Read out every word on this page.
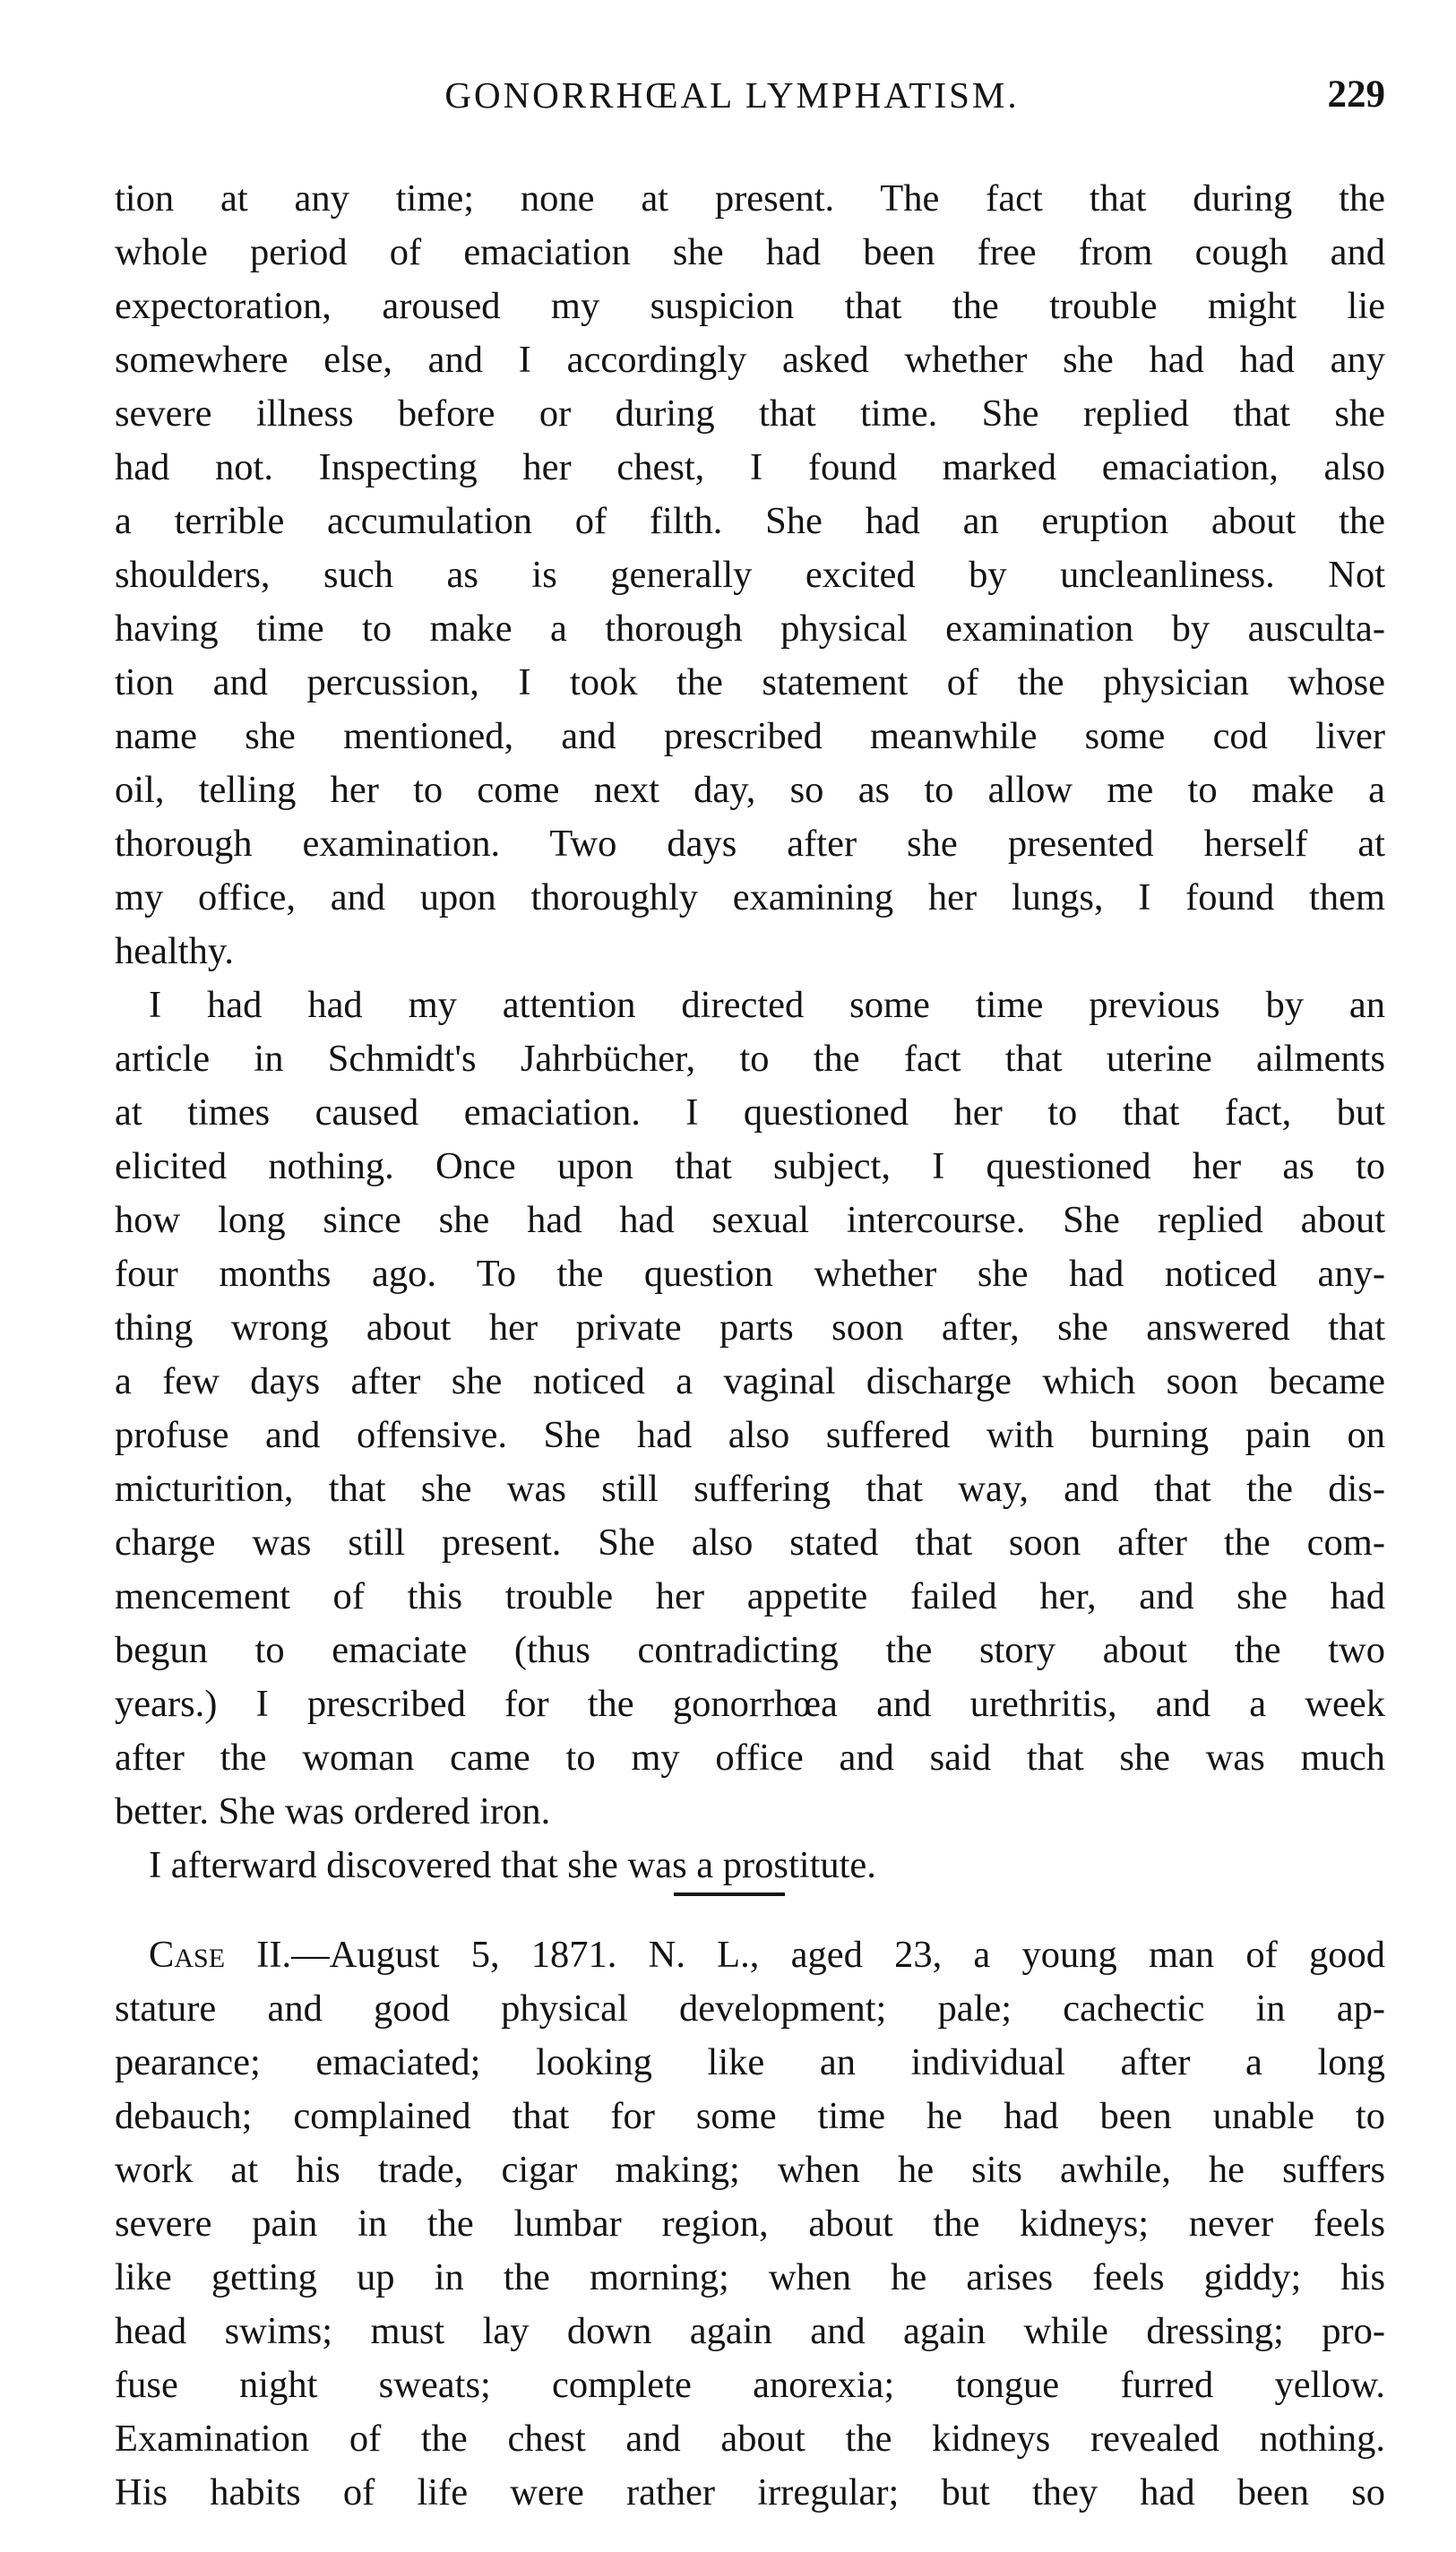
GONORRHŒAL LYMPHATISM.	229
tion at any time; none at present. The fact that during the
whole period of emaciation she had been free from cough and
expectoration, aroused my suspicion that the trouble might lie
somewhere else, and I accordingly asked whether she had had any
severe illness before or during that time. She replied that she
had not. Inspecting her chest, I found marked emaciation, also
a terrible accumulation of filth. She had an eruption about the
shoulders, such as is generally excited by uncleanliness. Not
having time to make a thorough physical examination by ausculta-
tion and percussion, I took the statement of the physician whose
name she mentioned, and prescribed meanwhile some cod liver
oil, telling her to come next day, so as to allow me to make a
thorough examination. Two days after she presented herself at
my office, and upon thoroughly examining her lungs, I found them
healthy.
I had had my attention directed some time previous by an
article in Schmidt's Jahrbücher, to the fact that uterine ailments
at times caused emaciation. I questioned her to that fact, but
elicited nothing. Once upon that subject, I questioned her as to
how long since she had had sexual intercourse. She replied about
four months ago. To the question whether she had noticed any-
thing wrong about her private parts soon after, she answered that
a few days after she noticed a vaginal discharge which soon became
profuse and offensive. She had also suffered with burning pain on
micturition, that she was still suffering that way, and that the dis-
charge was still present. She also stated that soon after the com-
mencement of this trouble her appetite failed her, and she had
begun to emaciate (thus contradicting the story about the two
years.) I prescribed for the gonorrhœa and urethritis, and a week
after the woman came to my office and said that she was much
better. She was ordered iron.
I afterward discovered that she was a prostitute.
Case II.—August 5, 1871. N. L., aged 23, a young man of good
stature and good physical development; pale; cachectic in ap-
pearance; emaciated; looking like an individual after a long
debauch; complained that for some time he had been unable to
work at his trade, cigar making; when he sits awhile, he suffers
severe pain in the lumbar region, about the kidneys; never feels
like getting up in the morning; when he arises feels giddy; his
head swims; must lay down again and again while dressing; pro-
fuse night sweats; complete anorexia; tongue furred yellow.
Examination of the chest and about the kidneys revealed nothing.
His habits of life were rather irregular; but they had been so
